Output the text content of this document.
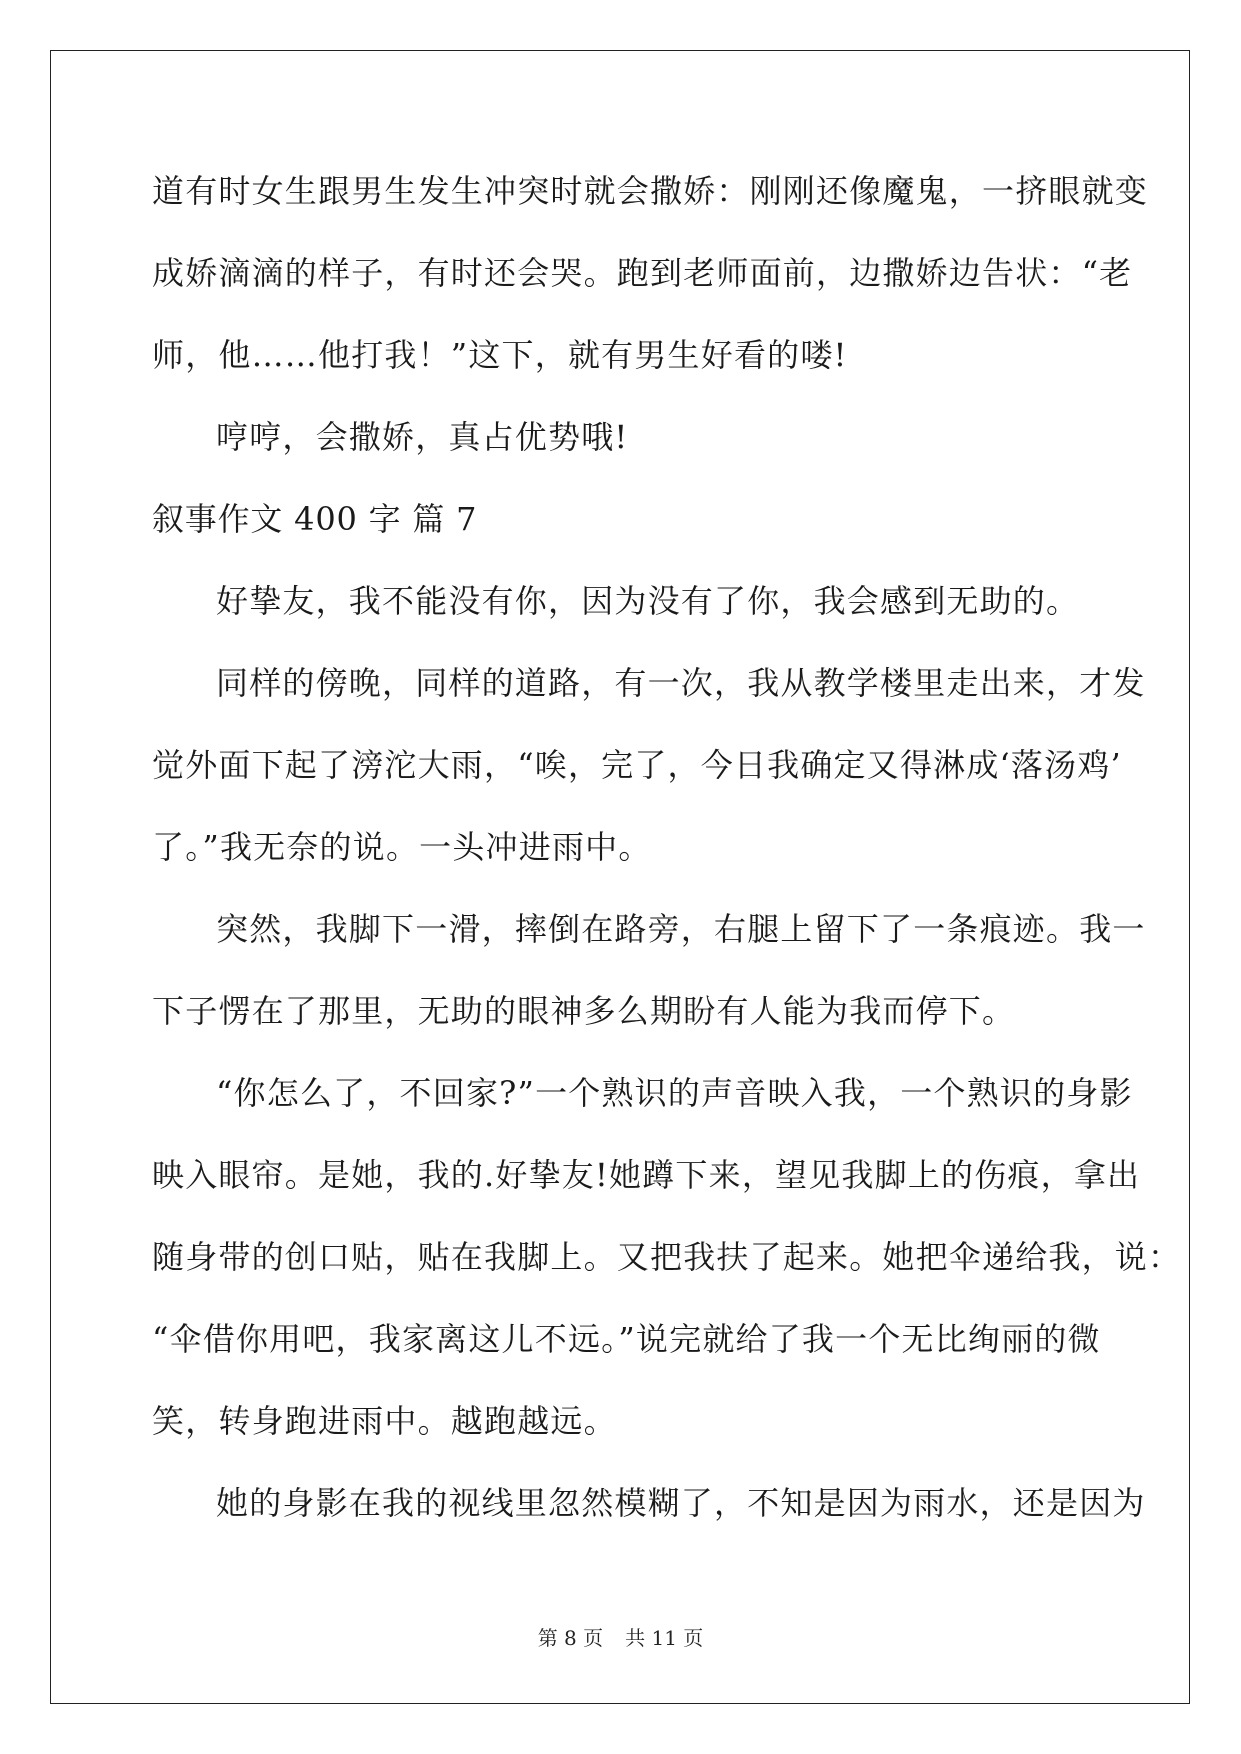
道有时女生跟男生发生冲突时就会撒娇：刚刚还像魔鬼，一挤眼就变
成娇滴滴的样子，有时还会哭。跑到老师面前，边撒娇边告状：“老
师，他……他打我！”这下，就有男生好看的喽!
哼哼，会撒娇，真占优势哦!
叙事作文 400 字 篇 7
好挚友，我不能没有你，因为没有了你，我会感到无助的。
同样的傍晚，同样的道路，有一次，我从教学楼里走出来，才发
觉外面下起了滂沱大雨，“唉，完了，今日我确定又得淋成‘落汤鸡’
了。”我无奈的说。一头冲进雨中。
突然，我脚下一滑，摔倒在路旁，右腿上留下了一条痕迹。我一
下子愣在了那里，无助的眼神多么期盼有人能为我而停下。
“你怎么了，不回家?”一个熟识的声音映入我，一个熟识的身影
映入眼帘。是她，我的.好挚友!她蹲下来，望见我脚上的伤痕，拿出
随身带的创口贴，贴在我脚上。又把我扶了起来。她把伞递给我，说：
“伞借你用吧，我家离这儿不远。”说完就给了我一个无比绚丽的微
笑，转身跑进雨中。越跑越远。
她的身影在我的视线里忽然模糊了，不知是因为雨水，还是因为
第 8 页 共 11 页
